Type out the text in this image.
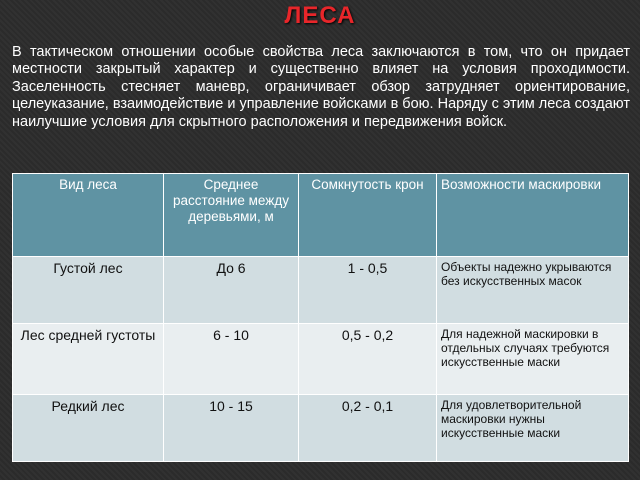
ЛЕСА

В тактическом отношении особые свойства леса заключаются в том, что он придает местности закрытый характер и существенно влияет на условия проходимости. Заселенность стесняет маневр, ограничивает обзор затрудняет ориентирование, целеуказание, взаимодействие и управление войсками в бою. Наряду с этим леса создают наилучшие условия для скрытного расположения и передвижения войск.

Вид леса	Среднее расстояние между деревьями, м	Сомкнутость крон	Возможности маскировки
Густой лес	До 6	1 - 0,5	Объекты надежно укрываются без искусственных масок
Лес средней густоты	6 - 10	0,5 - 0,2	Для надежной маскировки в отдельных случаях требуются искусственные маски
Редкий лес	10 - 15	0,2 - 0,1	Для удовлетворительной маскировки нужны искусственные маски
